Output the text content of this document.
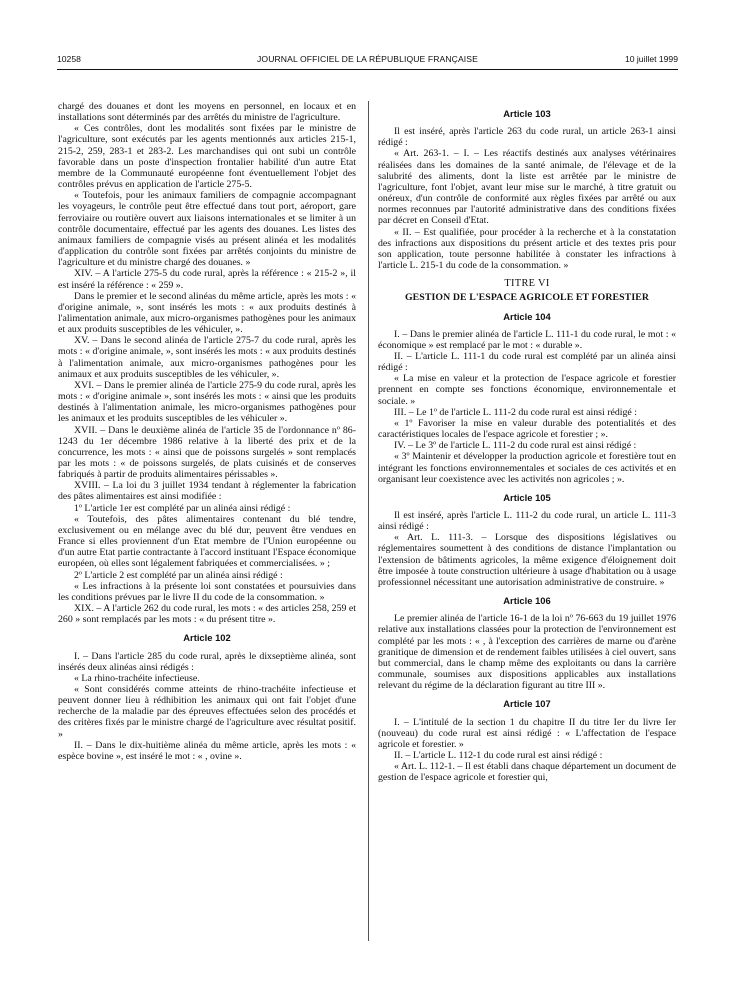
10258	JOURNAL OFFICIEL DE LA RÉPUBLIQUE FRANÇAISE	10 juillet 1999

chargé des douanes et dont les moyens en personnel, en locaux et en installations sont déterminés par des arrêtés du ministre de l'agriculture.

« Ces contrôles, dont les modalités sont fixées par le ministre de l'agriculture, sont exécutés par les agents mentionnés aux articles 215-1, 215-2, 259, 283-1 et 283-2. Les marchandises qui ont subi un contrôle favorable dans un poste d'inspection frontalier habilité d'un autre Etat membre de la Communauté européenne font éventuellement l'objet des contrôles prévus en application de l'article 275-5.

« Toutefois, pour les animaux familiers de compagnie accompagnant les voyageurs, le contrôle peut être effectué dans tout port, aéroport, gare ferroviaire ou routière ouvert aux liaisons internationales et se limiter à un contrôle documentaire, effectué par les agents des douanes. Les listes des animaux familiers de compagnie visés au présent alinéa et les modalités d'application du contrôle sont fixées par arrêtés conjoints du ministre de l'agriculture et du ministre chargé des douanes. »

XIV. – A l'article 275-5 du code rural, après la référence : « 215-2 », il est inséré la référence : « 259 ».

Dans le premier et le second alinéas du même article, après les mots : « d'origine animale, », sont insérés les mots : « aux produits destinés à l'alimentation animale, aux micro-organismes pathogènes pour les animaux et aux produits susceptibles de les véhiculer, ».

XV. – Dans le second alinéa de l'article 275-7 du code rural, après les mots : « d'origine animale, », sont insérés les mots : « aux produits destinés à l'alimentation animale, aux micro-organismes pathogènes pour les animaux et aux produits susceptibles de les véhiculer, ».

XVI. – Dans le premier alinéa de l'article 275-9 du code rural, après les mots : « d'origine animale », sont insérés les mots : « ainsi que les produits destinés à l'alimentation animale, les micro-organismes pathogènes pour les animaux et les produits susceptibles de les véhiculer ».

XVII. – Dans le deuxième alinéa de l'article 35 de l'ordonnance nº 86-1243 du 1er décembre 1986 relative à la liberté des prix et de la concurrence, les mots : « ainsi que de poissons surgelés » sont remplacés par les mots : « de poissons surgelés, de plats cuisinés et de conserves fabriqués à partir de produits alimentaires périssables ».

XVIII. – La loi du 3 juillet 1934 tendant à réglementer la fabrication des pâtes alimentaires est ainsi modifiée :

1º L'article 1er est complété par un alinéa ainsi rédigé :

« Toutefois, des pâtes alimentaires contenant du blé tendre, exclusivement ou en mélange avec du blé dur, peuvent être vendues en France si elles proviennent d'un Etat membre de l'Union européenne ou d'un autre Etat partie contractante à l'accord instituant l'Espace économique européen, où elles sont légalement fabriquées et commercialisées. » ;

2º L'article 2 est complété par un alinéa ainsi rédigé :

« Les infractions à la présente loi sont constatées et poursuivies dans les conditions prévues par le livre II du code de la consommation. »

XIX. – A l'article 262 du code rural, les mots : « des articles 258, 259 et 260 » sont remplacés par les mots : « du présent titre ».

Article 102

I. – Dans l'article 285 du code rural, après le dixseptième alinéa, sont insérés deux alinéas ainsi rédigés :

« La rhino-trachéite infectieuse.

« Sont considérés comme atteints de rhino-trachéite infectieuse et peuvent donner lieu à rédhibition les animaux qui ont fait l'objet d'une recherche de la maladie par des épreuves effectuées selon des procédés et des critères fixés par le ministre chargé de l'agriculture avec résultat positif. »

II. – Dans le dix-huitième alinéa du même article, après les mots : « espèce bovine », est inséré le mot : « , ovine ».

Article 103

Il est inséré, après l'article 263 du code rural, un article 263-1 ainsi rédigé :

« Art. 263-1. – I. – Les réactifs destinés aux analyses vétérinaires réalisées dans les domaines de la santé animale, de l'élevage et de la salubrité des aliments, dont la liste est arrêtée par le ministre de l'agriculture, font l'objet, avant leur mise sur le marché, à titre gratuit ou onéreux, d'un contrôle de conformité aux règles fixées par arrêté ou aux normes reconnues par l'autorité administrative dans des conditions fixées par décret en Conseil d'Etat.

« II. – Est qualifiée, pour procéder à la recherche et à la constatation des infractions aux dispositions du présent article et des textes pris pour son application, toute personne habilitée à constater les infractions à l'article L. 215-1 du code de la consommation. »

TITRE VI
GESTION DE L'ESPACE AGRICOLE ET FORESTIER
Article 104

I. – Dans le premier alinéa de l'article L. 111-1 du code rural, le mot : « économique » est remplacé par le mot : « durable ».

II. – L'article L. 111-1 du code rural est complété par un alinéa ainsi rédigé :

« La mise en valeur et la protection de l'espace agricole et forestier prennent en compte ses fonctions économique, environnementale et sociale. »

III. – Le 1º de l'article L. 111-2 du code rural est ainsi rédigé :

« 1º Favoriser la mise en valeur durable des potentialités et des caractéristiques locales de l'espace agricole et forestier ; ».

IV. – Le 3º de l'article L. 111-2 du code rural est ainsi rédigé :

« 3º Maintenir et développer la production agricole et forestière tout en intégrant les fonctions environnementales et sociales de ces activités et en organisant leur coexistence avec les activités non agricoles ; ».

Article 105

Il est inséré, après l'article L. 111-2 du code rural, un article L. 111-3 ainsi rédigé :

« Art. L. 111-3. – Lorsque des dispositions législatives ou réglementaires soumettent à des conditions de distance l'implantation ou l'extension de bâtiments agricoles, la même exigence d'éloignement doit être imposée à toute construction ultérieure à usage d'habitation ou à usage professionnel nécessitant une autorisation administrative de construire. »

Article 106

Le premier alinéa de l'article 16-1 de la loi nº 76-663 du 19 juillet 1976 relative aux installations classées pour la protection de l'environnement est complété par les mots : « , à l'exception des carrières de marne ou d'arène granitique de dimension et de rendement faibles utilisées à ciel ouvert, sans but commercial, dans le champ même des exploitants ou dans la carrière communale, soumises aux dispositions applicables aux installations relevant du régime de la déclaration figurant au titre III ».

Article 107

I. – L'intitulé de la section 1 du chapitre II du titre Ier du livre Ier (nouveau) du code rural est ainsi rédigé : « L'affectation de l'espace agricole et forestier. »

II. – L'article L. 112-1 du code rural est ainsi rédigé :

« Art. L. 112-1. – Il est établi dans chaque département un document de gestion de l'espace agricole et forestier qui,
